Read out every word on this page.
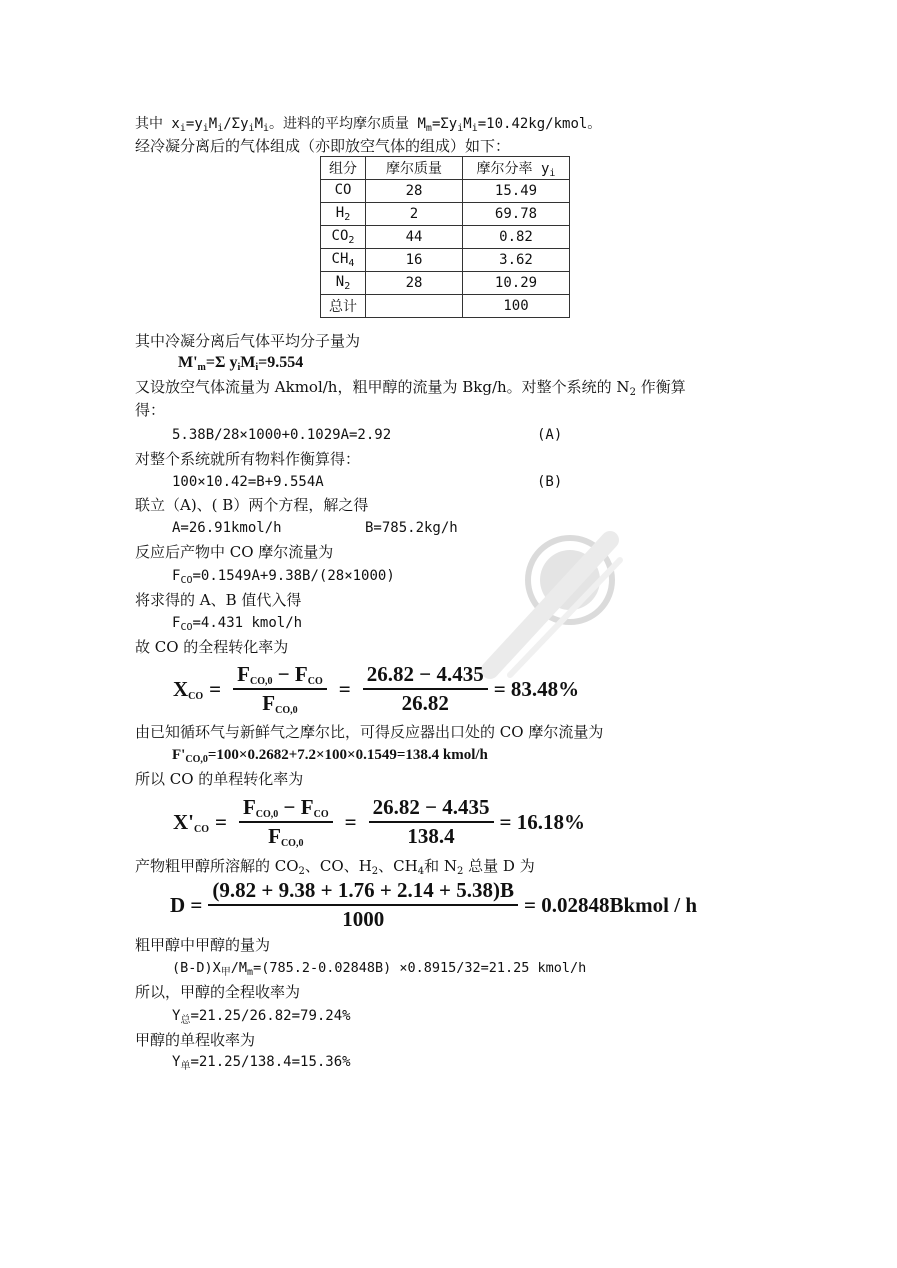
其中 $x_i=y_iM_i/\Sigma y_iM_i$。进料的平均摩尔质量 $M_m=\Sigma y_iM_i=10.42kg$/kmol。
经冷凝分离后的气体组成（亦即放空气体的组成）如下：
组分	摩尔质量	摩尔分率 $y_i$
CO	28	15.49
$H_2$	2	69.78
$CO_2$	44	0.82
$CH_4$	16	3.62
$N_2$	28	10.29
总计		100
其中冷凝分离后气体平均分子量为
$M'_m=\Sigma$ $y_iM_i=9.554$
又设放空气体流量为 Akmol/h，粗甲醇的流量为 Bkg/h。对整个系统的 $N_2$ 作衡算
得：
5.38B/28×1000+0.1029A=2.92	(A)
对整个系统就所有物料作衡算得：
100×10.42=B+9.554A	(B)
联立（A)、( B）两个方程，解之得
A=26.91kmol/h	B=785.2kg/h
反应后产物中 CO 摩尔流量为
$F_{CO}=0.1549A+9.38B/(28\times 1000)$
将求得的 A、B 值代入得
$F_{CO}=4.431$ kmol/h
故 CO 的全程转化率为
$X_{CO} = \frac{F_{CO,0} - F_{CO}}{F_{CO,0}} = \frac{26.82 - 4.435}{26.82} = 83.48\%$
由已知循环气与新鲜气之摩尔比，可得反应器出口处的 CO 摩尔流量为
$F'_{CO,0}=100\times 0.2682+7.2\times 100\times 0.1549=138.4$ kmol/h
所以 CO 的单程转化率为
$X'_{CO} = \frac{F_{CO,0} - F_{CO}}{F_{CO,0}} = \frac{26.82 - 4.435}{138.4} = 16.18\%$
产物粗甲醇所溶解的 $CO_2$、CO、$H_2$、$CH_4$和 $N_2$ 总量 D 为
$D = \frac{(9.82 + 9.38 + 1.76 + 2.14 + 5.38)B}{1000}$ = 0.02848Bkmol / h
粗甲醇中甲醇的量为
$(B-D)X_甲/M_m=(785.2-0.02848B) \times 0.8915/32=21.25$ kmol/h
所以，甲醇的全程收率为
$Y_总=21.25/26.82=79.24\%$
甲醇的单程收率为
$Y_单=21.25/138.4=15.36\%$
